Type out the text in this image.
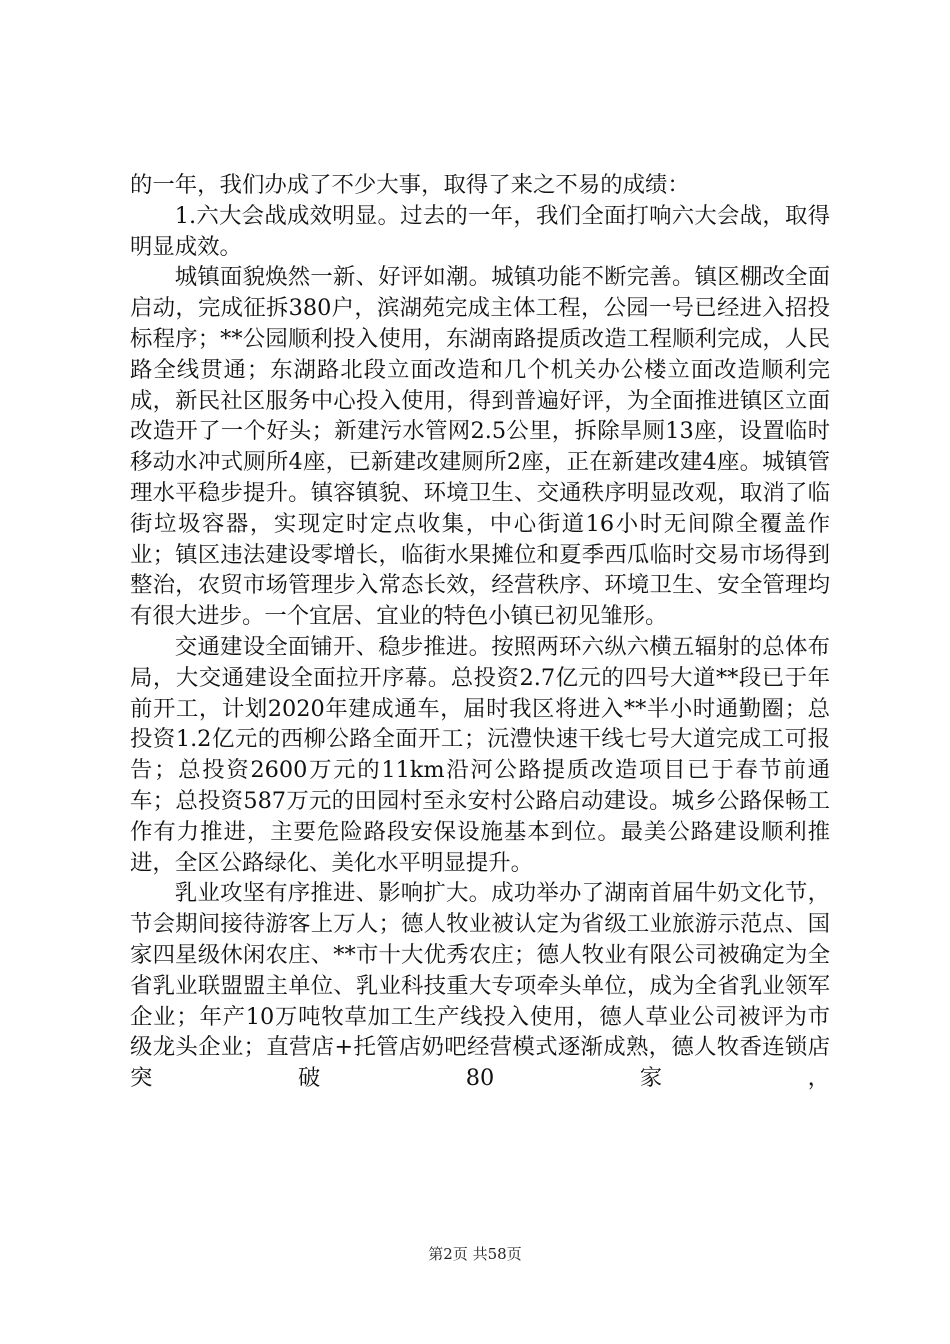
的一年，我们办成了不少大事，取得了来之不易的成绩：

1.六大会战成效明显。过去的一年，我们全面打响六大会战，取得明显成效。

城镇面貌焕然一新、好评如潮。城镇功能不断完善。镇区棚改全面启动，完成征拆380户，滨湖苑完成主体工程，公园一号已经进入招投标程序；**公园顺利投入使用，东湖南路提质改造工程顺利完成，人民路全线贯通；东湖路北段立面改造和几个机关办公楼立面改造顺利完成，新民社区服务中心投入使用，得到普遍好评，为全面推进镇区立面改造开了一个好头；新建污水管网2.5公里，拆除旱厕13座，设置临时移动水冲式厕所4座，已新建改建厕所2座，正在新建改建4座。城镇管理水平稳步提升。镇容镇貌、环境卫生、交通秩序明显改观，取消了临街垃圾容器，实现定时定点收集，中心街道16小时无间隙全覆盖作业；镇区违法建设零增长，临街水果摊位和夏季西瓜临时交易市场得到整治，农贸市场管理步入常态长效，经营秩序、环境卫生、安全管理均有很大进步。一个宜居、宜业的特色小镇已初见雏形。

交通建设全面铺开、稳步推进。按照两环六纵六横五辐射的总体布局，大交通建设全面拉开序幕。总投资2.7亿元的四号大道**段已于年前开工，计划2020年建成通车，届时我区将进入**半小时通勤圈；总投资1.2亿元的西柳公路全面开工；沅澧快速干线七号大道完成工可报告；总投资2600万元的11km沿河公路提质改造项目已于春节前通车；总投资587万元的田园村至永安村公路启动建设。城乡公路保畅工作有力推进，主要危险路段安保设施基本到位。最美公路建设顺利推进，全区公路绿化、美化水平明显提升。

乳业攻坚有序推进、影响扩大。成功举办了湖南首届牛奶文化节，节会期间接待游客上万人；德人牧业被认定为省级工业旅游示范点、国家四星级休闲农庄、**市十大优秀农庄；德人牧业有限公司被确定为全省乳业联盟盟主单位、乳业科技重大专项牵头单位，成为全省乳业领军企业；年产10万吨牧草加工生产线投入使用，德人草业公司被评为市级龙头企业；直营店+托管店奶吧经营模式逐渐成熟，德人牧香连锁店突破80家，

第2页 共58页
